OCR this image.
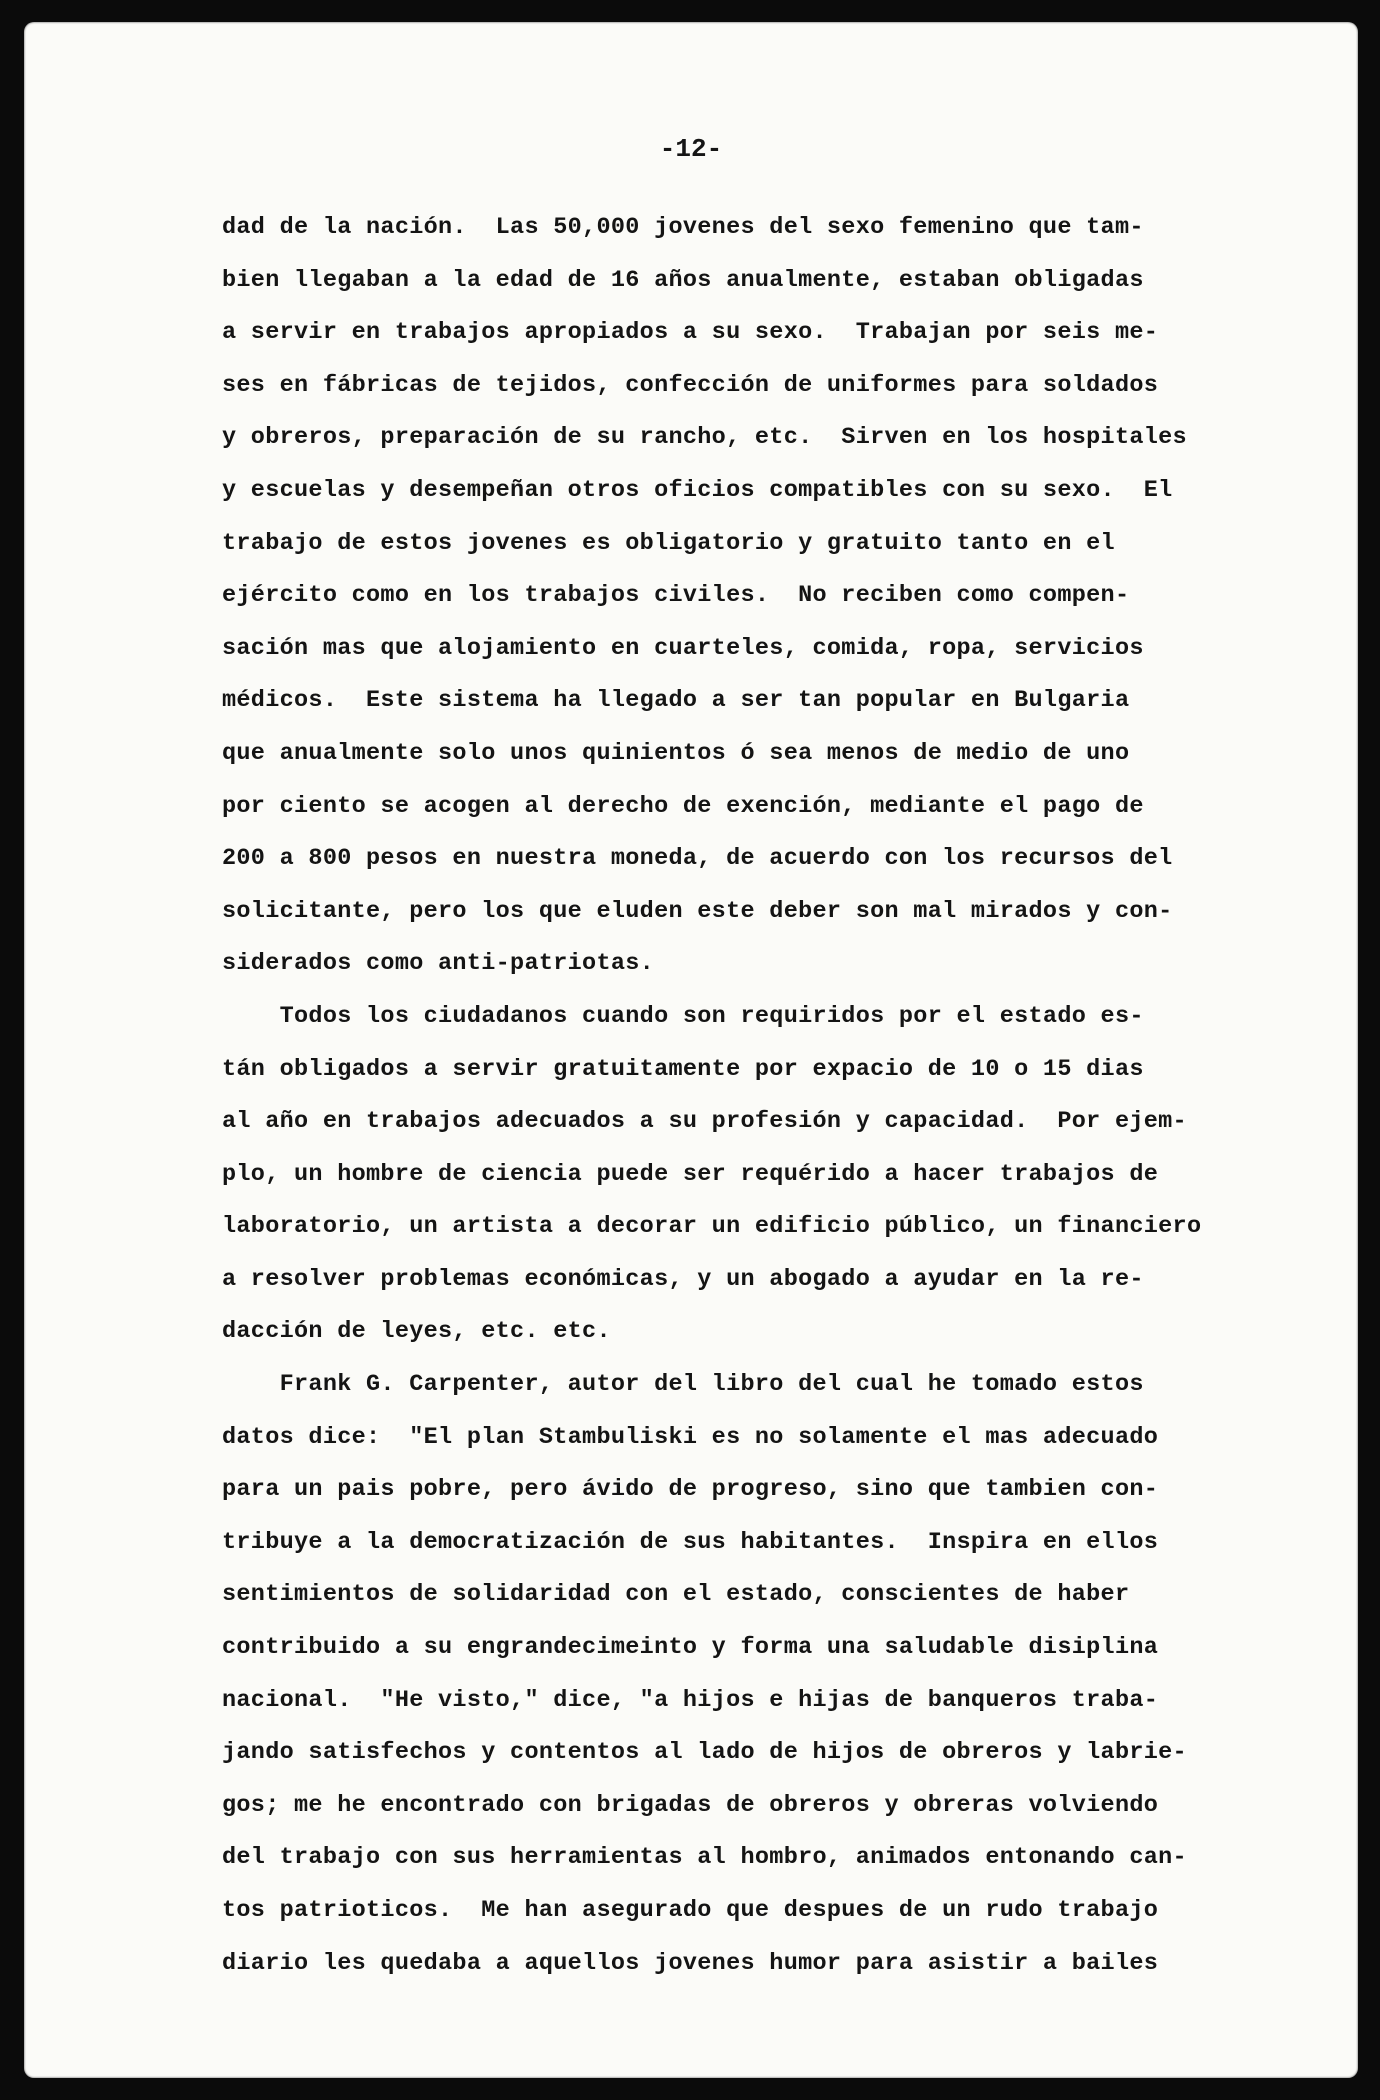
-12-
dad de la nación.  Las 50,000 jovenes del sexo femenino que tam-
bien llegaban a la edad de 16 años anualmente, estaban obligadas
a servir en trabajos apropiados a su sexo.  Trabajan por seis me-
ses en fábricas de tejidos, confección de uniformes para soldados
y obreros, preparación de su rancho, etc.  Sirven en los hospitales
y escuelas y desempeñan otros oficios compatibles con su sexo.  El
trabajo de estos jovenes es obligatorio y gratuito tanto en el
ejército como en los trabajos civiles.  No reciben como compen-
sación mas que alojamiento en cuarteles, comida, ropa, servicios
médicos.  Este sistema ha llegado a ser tan popular en Bulgaria
que anualmente solo unos quinientos ó sea menos de medio de uno
por ciento se acogen al derecho de exención, mediante el pago de
200 a 800 pesos en nuestra moneda, de acuerdo con los recursos del
solicitante, pero los que eluden este deber son mal mirados y con-
siderados como anti-patriotas.
Todos los ciudadanos cuando son requiridos por el estado es-
tán obligados a servir gratuitamente por expacio de 10 o 15 dias
al año en trabajos adecuados a su profesión y capacidad.  Por ejem-
plo, un hombre de ciencia puede ser requérido a hacer trabajos de
laboratorio, un artista a decorar un edificio público, un financiero
a resolver problemas económicas, y un abogado a ayudar en la re-
dacción de leyes, etc. etc.
Frank G. Carpenter, autor del libro del cual he tomado estos
datos dice:  "El plan Stambuliski es no solamente el mas adecuado
para un pais pobre, pero ávido de progreso, sino que tambien con-
tribuye a la democratización de sus habitantes.  Inspira en ellos
sentimientos de solidaridad con el estado, conscientes de haber
contribuido a su engrandecimeinto y forma una saludable disiplina
nacional.  "He visto," dice, "a hijos e hijas de banqueros traba-
jando satisfechos y contentos al lado de hijos de obreros y labrie-
gos; me he encontrado con brigadas de obreros y obreras volviendo
del trabajo con sus herramientas al hombro, animados entonando can-
tos patrioticos.  Me han asegurado que despues de un rudo trabajo
diario les quedaba a aquellos jovenes humor para asistir a bailes
